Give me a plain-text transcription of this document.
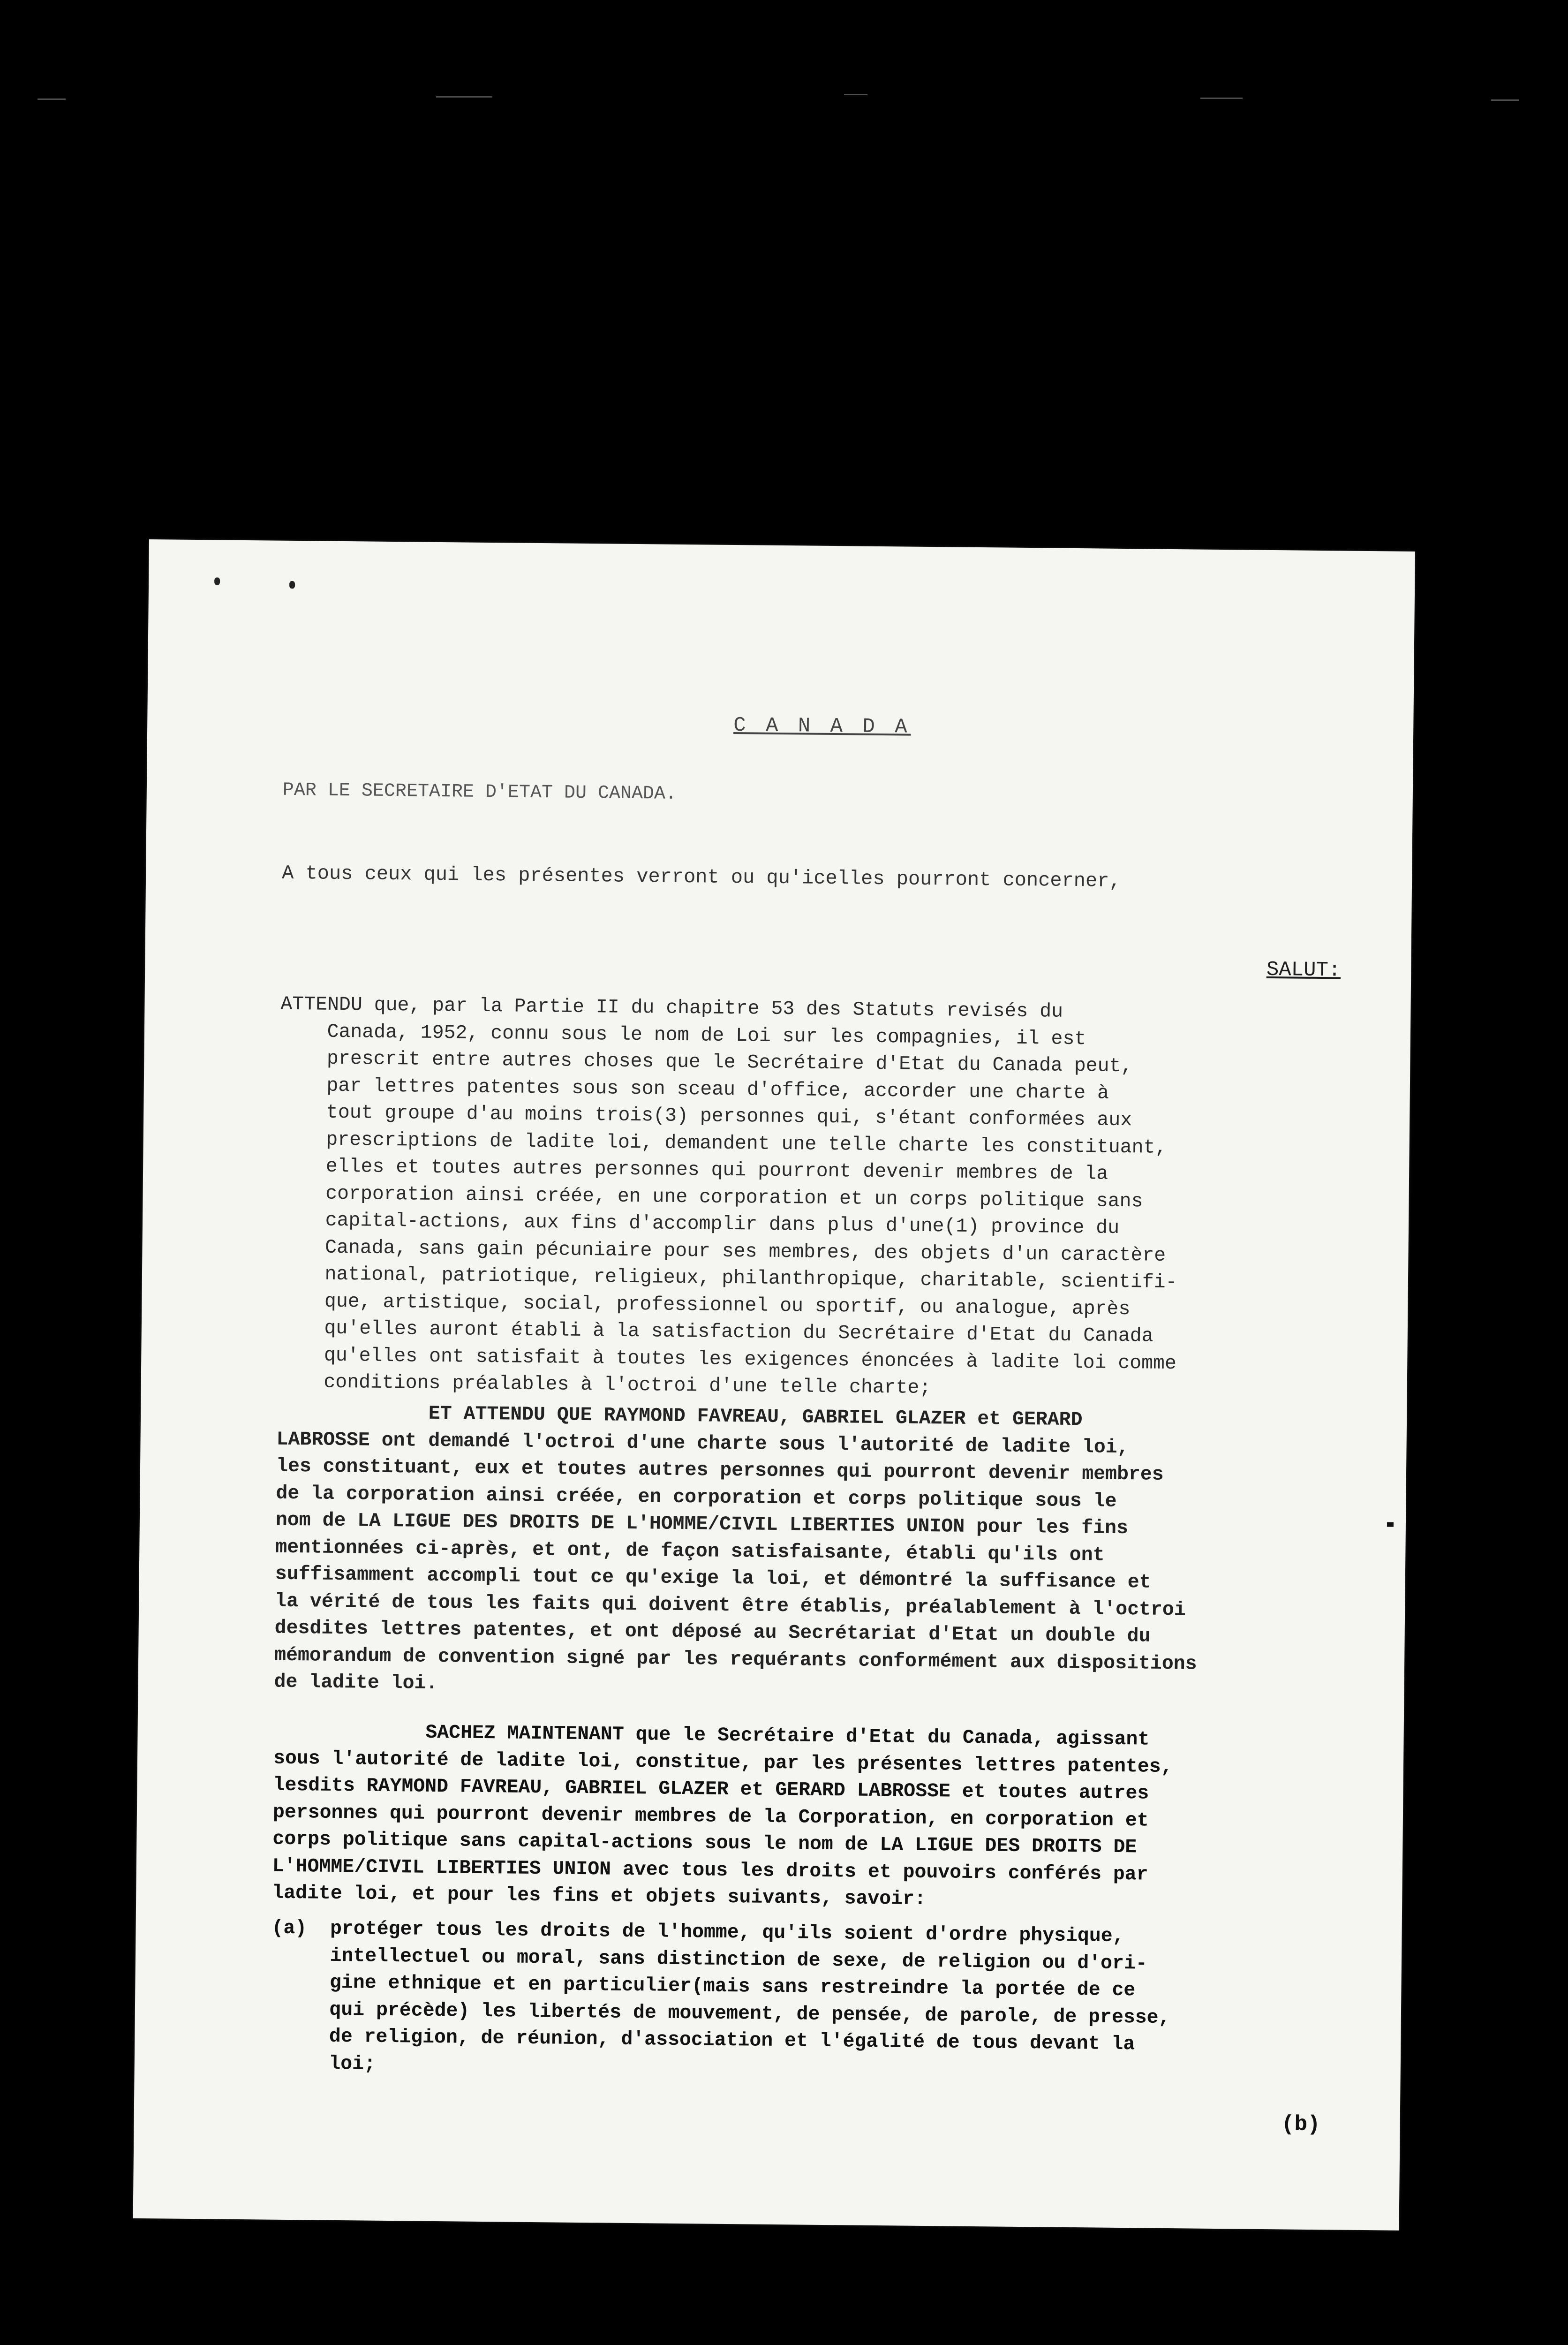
C A N A D A
PAR LE SECRETAIRE D'ETAT DU CANADA.
A tous ceux qui les présentes verront ou qu'icelles pourront concerner,
SALUT:
ATTENDU que, par la Partie II du chapitre 53 des Statuts revisés du
Canada, 1952, connu sous le nom de Loi sur les compagnies, il est
prescrit entre autres choses que le Secrétaire d'Etat du Canada peut,
par lettres patentes sous son sceau d'office, accorder une charte à
tout groupe d'au moins trois(3) personnes qui, s'étant conformées aux
prescriptions de ladite loi, demandent une telle charte les constituant,
elles et toutes autres personnes qui pourront devenir membres de la
corporation ainsi créée, en une corporation et un corps politique sans
capital-actions, aux fins d'accomplir dans plus d'une(1) province du
Canada, sans gain pécuniaire pour ses membres, des objets d'un caractère
national, patriotique, religieux, philanthropique, charitable, scientifi-
que, artistique, social, professionnel ou sportif, ou analogue, après
qu'elles auront établi à la satisfaction du Secrétaire d'Etat du Canada
qu'elles ont satisfait à toutes les exigences énoncées à ladite loi comme
conditions préalables à l'octroi d'une telle charte;
ET ATTENDU QUE RAYMOND FAVREAU, GABRIEL GLAZER et GERARD
LABROSSE ont demandé l'octroi d'une charte sous l'autorité de ladite loi,
les constituant, eux et toutes autres personnes qui pourront devenir membres
de la corporation ainsi créée, en corporation et corps politique sous le
nom de LA LIGUE DES DROITS DE L'HOMME/CIVIL LIBERTIES UNION pour les fins
mentionnées ci-après, et ont, de façon satisfaisante, établi qu'ils ont
suffisamment accompli tout ce qu'exige la loi, et démontré la suffisance et
la vérité de tous les faits qui doivent être établis, préalablement à l'octroi
desdites lettres patentes, et ont déposé au Secrétariat d'Etat un double du
mémorandum de convention signé par les requérants conformément aux dispositions
de ladite loi.
SACHEZ MAINTENANT que le Secrétaire d'Etat du Canada, agissant
sous l'autorité de ladite loi, constitue, par les présentes lettres patentes,
lesdits RAYMOND FAVREAU, GABRIEL GLAZER et GERARD LABROSSE et toutes autres
personnes qui pourront devenir membres de la Corporation, en corporation et
corps politique sans capital-actions sous le nom de LA LIGUE DES DROITS DE
L'HOMME/CIVIL LIBERTIES UNION avec tous les droits et pouvoirs conférés par
ladite loi, et pour les fins et objets suivants, savoir:
(a)  protéger tous les droits de l'homme, qu'ils soient d'ordre physique,
intellectuel ou moral, sans distinction de sexe, de religion ou d'ori-
gine ethnique et en particulier(mais sans restreindre la portée de ce
qui précède) les libertés de mouvement, de pensée, de parole, de presse,
de religion, de réunion, d'association et l'égalité de tous devant la
loi;
(b)
